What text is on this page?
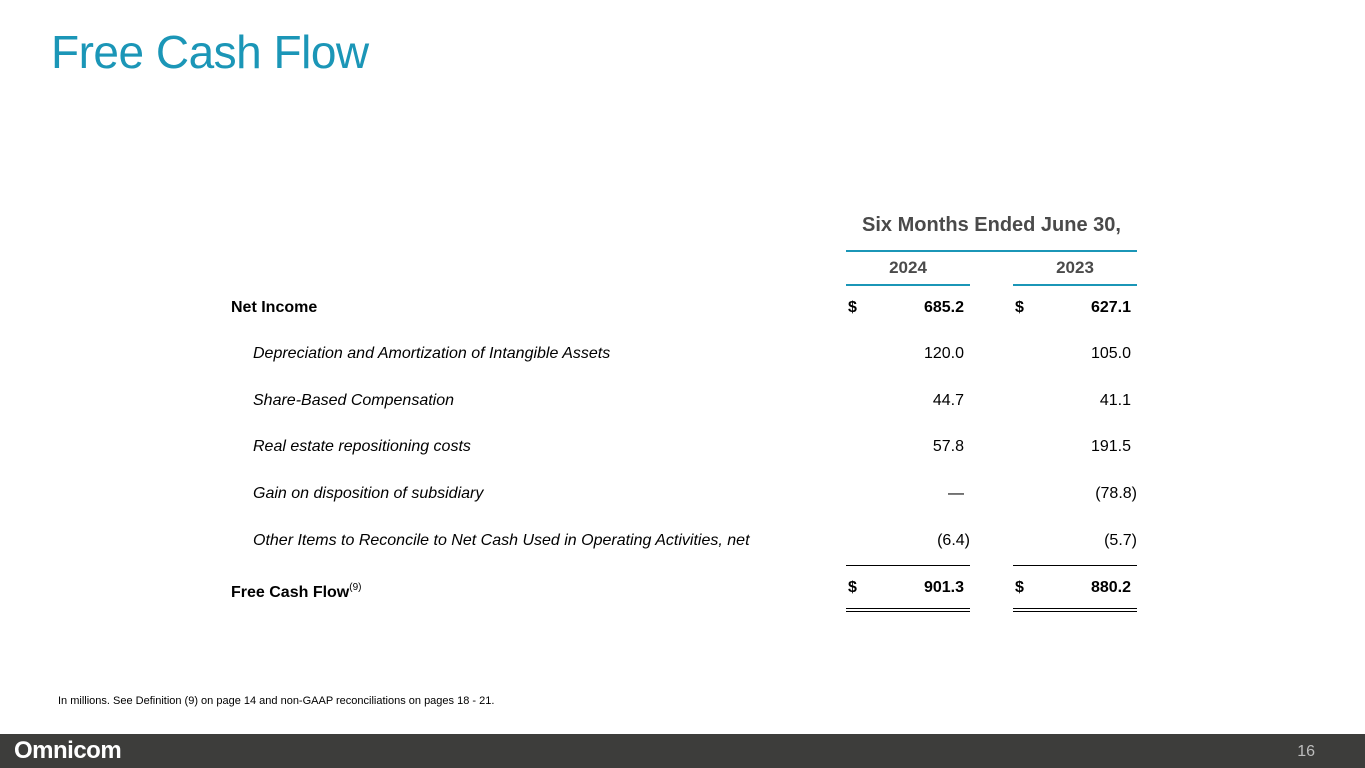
Free Cash Flow
Six Months Ended June 30,
2024	2023
Net Income	$	685.2	$	627.1
Depreciation and Amortization of Intangible Assets	120.0	105.0
Share-Based Compensation	44.7	41.1
Real estate repositioning costs	57.8	191.5
Gain on disposition of subsidiary	—	(78.8)
Other Items to Reconcile to Net Cash Used in Operating Activities, net	(6.4)	(5.7)
Free Cash Flow$^{(9)}$	$	901.3	$	880.2
In millions. See Definition (9) on page 14 and non-GAAP reconciliations on pages 18 - 21.
Omnicom	16
